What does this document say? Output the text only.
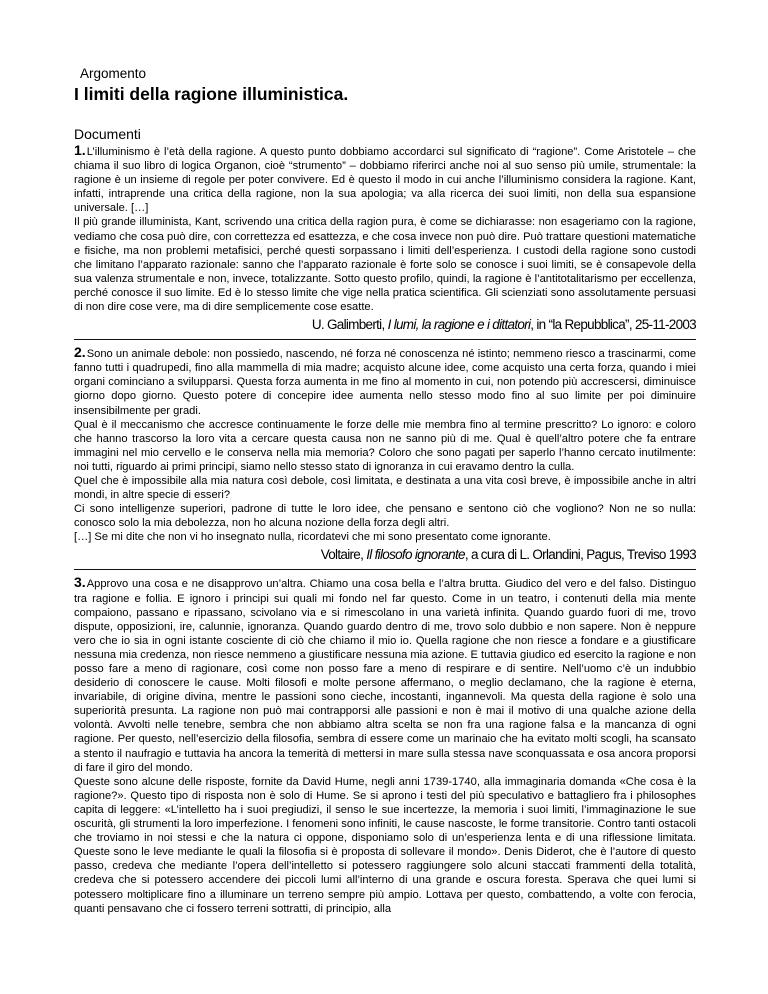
Argomento
I limiti della ragione illuministica.
Documenti

1.L’illuminismo è l’età della ragione. A questo punto dobbiamo accordarci sul significato di “ragione”. Come Aristotele – che chiama il suo libro di logica Organon, cioè “strumento” – dobbiamo riferirci anche noi al suo senso più umile, strumentale: la ragione è un insieme di regole per poter convivere. Ed è questo il modo in cui anche l’illuminismo considera la ragione. Kant, infatti, intraprende una critica della ragione, non la sua apologia; va alla ricerca dei suoi limiti, non della sua espansione universale. […]

Il più grande illuminista, Kant, scrivendo una critica della ragion pura, è come se dichiarasse: non esageriamo con la ragione, vediamo che cosa può dire, con correttezza ed esattezza, e che cosa invece non può dire. Può trattare questioni matematiche e fisiche, ma non problemi metafisici, perché questi sorpassano i limiti dell’esperienza. I custodi della ragione sono custodi che limitano l’apparato razionale: sanno che l’apparato razionale è forte solo se conosce i suoi limiti, se è consapevole della sua valenza strumentale e non, invece, totalizzante. Sotto questo profilo, quindi, la ragione è l’antitotalitarismo per eccellenza, perché conosce il suo limite. Ed è lo stesso limite che vige nella pratica scientifica. Gli scienziati sono assolutamente persuasi di non dire cose vere, ma di dire semplicemente cose esatte.

U. Galimberti, I lumi, la ragione e i dittatori, in “la Repubblica”, 25-11-2003

2.Sono un animale debole: non possiedo, nascendo, né forza né conoscenza né istinto; nemmeno riesco a trascinarmi, come fanno tutti i quadrupedi, fino alla mammella di mia madre; acquisto alcune idee, come acquisto una certa forza, quando i miei organi cominciano a svilupparsi. Questa forza aumenta in me fino al momento in cui, non potendo più accrescersi, diminuisce giorno dopo giorno. Questo potere di concepire idee aumenta nello stesso modo fino al suo limite per poi diminuire insensibilmente per gradi.

Qual è il meccanismo che accresce continuamente le forze delle mie membra fino al termine prescritto? Lo ignoro: e coloro che hanno trascorso la loro vita a cercare questa causa non ne sanno più di me. Qual è quell’altro potere che fa entrare immagini nel mio cervello e le conserva nella mia memoria? Coloro che sono pagati per saperlo l’hanno cercato inutilmente: noi tutti, riguardo ai primi principi, siamo nello stesso stato di ignoranza in cui eravamo dentro la culla.

Quel che è impossibile alla mia natura così debole, così limitata, e destinata a una vita così breve, è impossibile anche in altri mondi, in altre specie di esseri?

Ci sono intelligenze superiori, padrone di tutte le loro idee, che pensano e sentono ciò che vogliono? Non ne so nulla: conosco solo la mia debolezza, non ho alcuna nozione della forza degli altri.

[…] Se mi dite che non vi ho insegnato nulla, ricordatevi che mi sono presentato come ignorante.

Voltaire, Il filosofo ignorante, a cura di L. Orlandini, Pagus, Treviso 1993

3.Approvo una cosa e ne disapprovo un’altra. Chiamo una cosa bella e l’altra brutta. Giudico del vero e del falso. Distinguo tra ragione e follia. E ignoro i principi sui quali mi fondo nel far questo. Come in un teatro, i contenuti della mia mente compaiono, passano e ripassano, scivolano via e si rimescolano in una varietà infinita. Quando guardo fuori di me, trovo dispute, opposizioni, ire, calunnie, ignoranza. Quando guardo dentro di me, trovo solo dubbio e non sapere. Non è neppure vero che io sia in ogni istante cosciente di ciò che chiamo il mio io. Quella ragione che non riesce a fondare e a giustificare nessuna mia credenza, non riesce nemmeno a giustificare nessuna mia azione. E tuttavia giudico ed esercito la ragione e non posso fare a meno di ragionare, così come non posso fare a meno di respirare e di sentire. Nell’uomo c’è un indubbio desiderio di conoscere le cause. Molti filosofi e molte persone affermano, o meglio declamano, che la ragione è eterna, invariabile, di origine divina, mentre le passioni sono cieche, incostanti, ingannevoli. Ma questa della ragione è solo una superiorità presunta. La ragione non può mai contrapporsi alle passioni e non è mai il motivo di una qualche azione della volontà. Avvolti nelle tenebre, sembra che non abbiamo altra scelta se non fra una ragione falsa e la mancanza di ogni ragione. Per questo, nell’esercizio della filosofia, sembra di essere come un marinaio che ha evitato molti scogli, ha scansato a stento il naufragio e tuttavia ha ancora la temerità di mettersi in mare sulla stessa nave sconquassata e osa ancora proporsi di fare il giro del mondo.

Queste sono alcune delle risposte, fornite da David Hume, negli anni 1739-1740, alla immaginaria domanda «Che cosa è la ragione?». Questo tipo di risposta non è solo di Hume. Se si aprono i testi del più speculativo e battagliero fra i philosophes capita di leggere: «L’intelletto ha i suoi pregiudizi, il senso le sue incertezze, la memoria i suoi limiti, l’immaginazione le sue oscurità, gli strumenti la loro imperfezione. I fenomeni sono infiniti, le cause nascoste, le forme transitorie. Contro tanti ostacoli che troviamo in noi stessi e che la natura ci oppone, disponiamo solo di un’esperienza lenta e di una riflessione limitata. Queste sono le leve mediante le quali la filosofia si è proposta di sollevare il mondo». Denis Diderot, che è l’autore di questo passo, credeva che mediante l’opera dell’intelletto si potessero raggiungere solo alcuni staccati frammenti della totalità, credeva che si potessero accendere dei piccoli lumi all’interno di una grande e oscura foresta. Sperava che quei lumi si potessero moltiplicare fino a illuminare un terreno sempre più ampio. Lottava per questo, combattendo, a volte con ferocia, quanti pensavano che ci fossero terreni sottratti, di principio, alla
